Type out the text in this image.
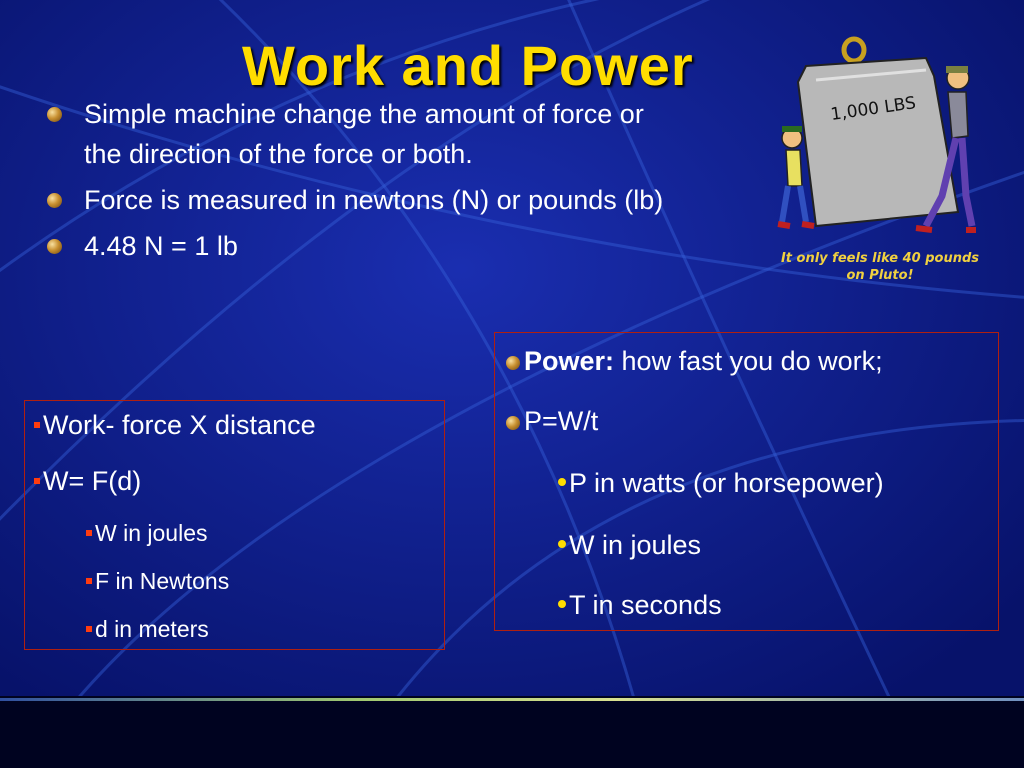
Work and Power
Simple machine change the amount of force or the direction of the force or both.
Force is measured in newtons (N) or pounds (lb)
4.48 N = 1 lb
1,000 LBS
It only feels like 40 pounds on Pluto!
Work- force X distance
W= F(d)
W in joules
F in Newtons
d in meters
Power: how fast you do work;
P=W/t
P in watts (or horsepower)
W in joules
T in seconds
